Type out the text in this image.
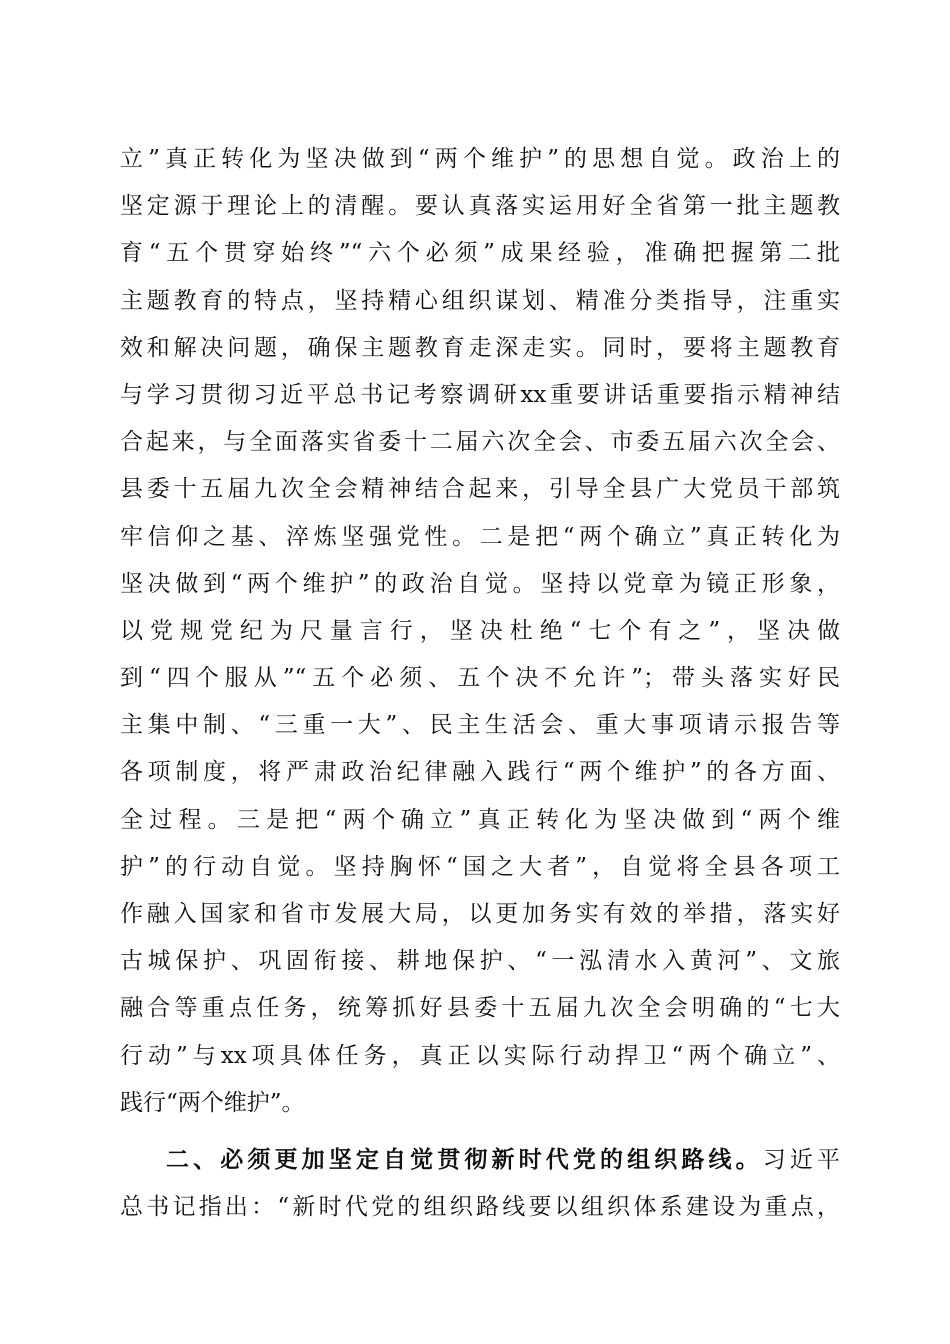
立”真正转化为坚决做到“两个维护”的思想自觉。政治上的
坚定源于理论上的清醒。要认真落实运用好全省第一批主题教
育“五个贯穿始终”“六个必须”成果经验，准确把握第二批
主题教育的特点，坚持精心组织谋划、精准分类指导，注重实
效和解决问题，确保主题教育走深走实。同时，要将主题教育
与学习贯彻习近平总书记考察调研xx重要讲话重要指示精神结
合起来，与全面落实省委十二届六次全会、市委五届六次全会、
县委十五届九次全会精神结合起来，引导全县广大党员干部筑
牢信仰之基、淬炼坚强党性。二是把“两个确立”真正转化为
坚决做到“两个维护”的政治自觉。坚持以党章为镜正形象，
以党规党纪为尺量言行，坚决杜绝“七个有之”，坚决做
到“四个服从”“五个必须、五个决不允许”；带头落实好民
主集中制、“三重一大”、民主生活会、重大事项请示报告等
各项制度，将严肃政治纪律融入践行“两个维护”的各方面、
全过程。三是把“两个确立”真正转化为坚决做到“两个维
护”的行动自觉。坚持胸怀“国之大者”，自觉将全县各项工
作融入国家和省市发展大局，以更加务实有效的举措，落实好
古城保护、巩固衔接、耕地保护、“一泓清水入黄河”、文旅
融合等重点任务，统筹抓好县委十五届九次全会明确的“七大
行动”与xx项具体任务，真正以实际行动捍卫“两个确立”、
践行“两个维护”。
二、必须更加坚定自觉贯彻新时代党的组织路线。习近平
总书记指出：“新时代党的组织路线要以组织体系建设为重点，
